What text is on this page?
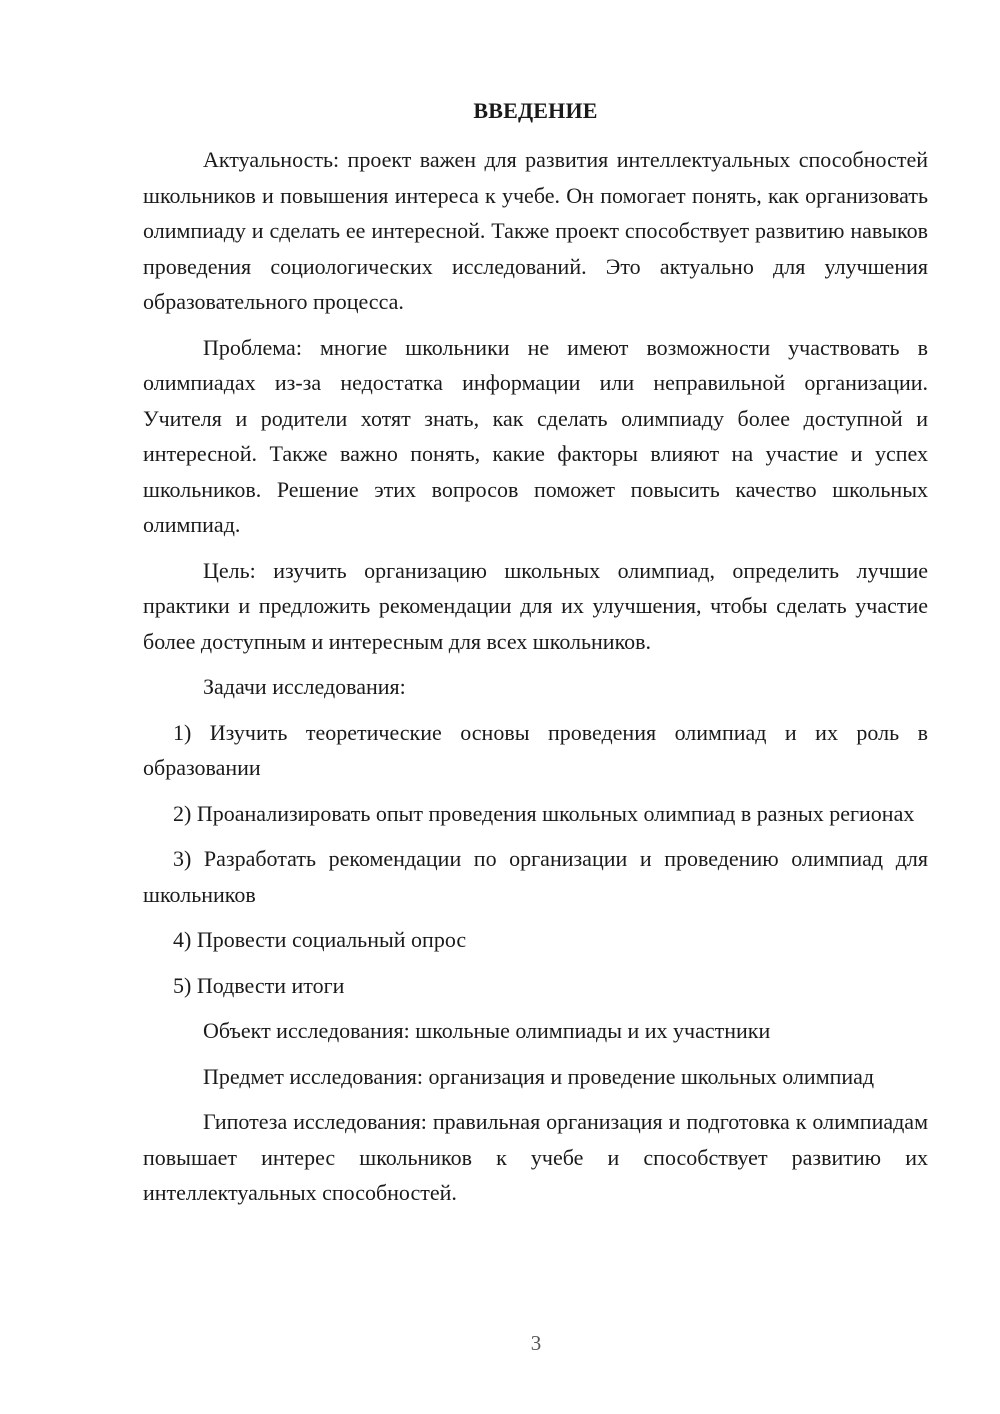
ВВЕДЕНИЕ

Актуальность: проект важен для развития интеллектуальных способностей школьников и повышения интереса к учебе. Он помогает понять, как организовать олимпиаду и сделать ее интересной. Также проект способствует развитию навыков проведения социологических исследований. Это актуально для улучшения образовательного процесса.

Проблема: многие школьники не имеют возможности участвовать в олимпиадах из-за недостатка информации или неправильной организации. Учителя и родители хотят знать, как сделать олимпиаду более доступной и интересной. Также важно понять, какие факторы влияют на участие и успех школьников. Решение этих вопросов поможет повысить качество школьных олимпиад.

Цель: изучить организацию школьных олимпиад, определить лучшие практики и предложить рекомендации для их улучшения, чтобы сделать участие более доступным и интересным для всех школьников.

Задачи исследования:

1) Изучить теоретические основы проведения олимпиад и их роль в образовании

2) Проанализировать опыт проведения школьных олимпиад в разных регионах

3) Разработать рекомендации по организации и проведению олимпиад для школьников

4) Провести социальный опрос

5) Подвести итоги

Объект исследования: школьные олимпиады и их участники

Предмет исследования: организация и проведение школьных олимпиад

Гипотеза исследования: правильная организация и подготовка к олимпиадам повышает интерес школьников к учебе и способствует развитию их интеллектуальных способностей.

3
